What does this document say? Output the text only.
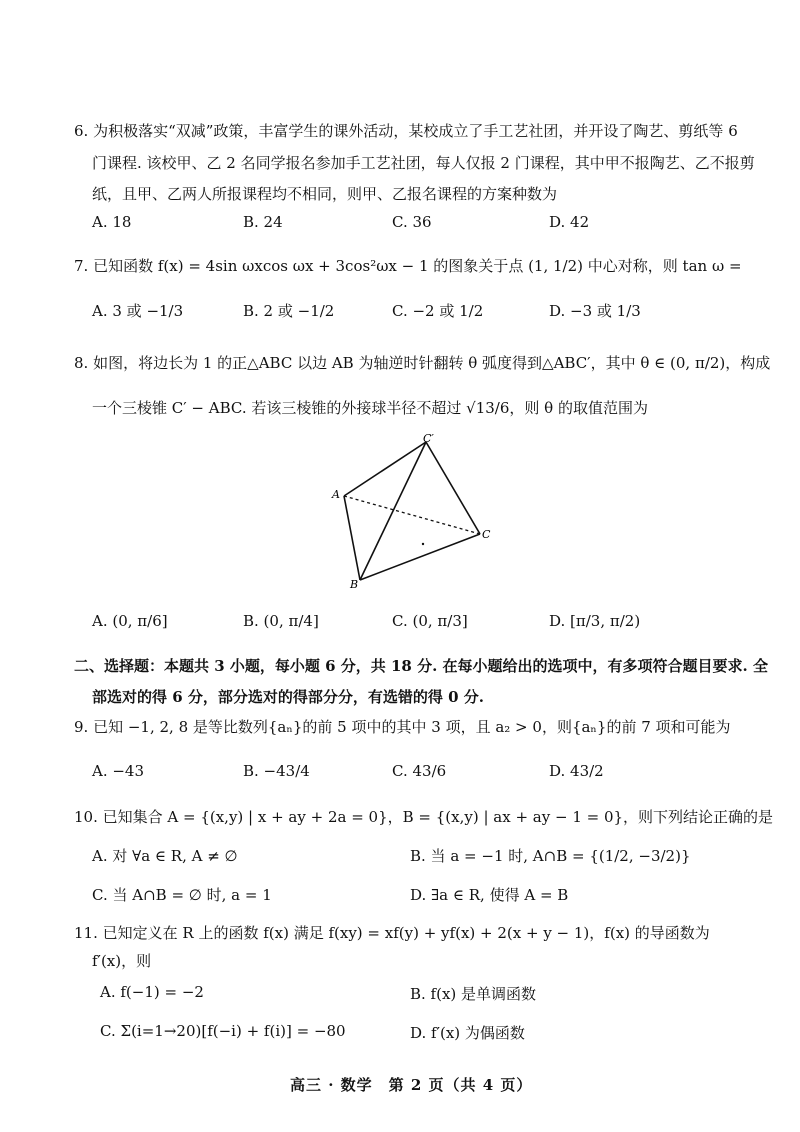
6. 为积极落实“双减”政策，丰富学生的课外活动，某校成立了手工艺社团，并开设了陶艺、剪纸等 6
门课程. 该校甲、乙 2 名同学报名参加手工艺社团，每人仅报 2 门课程，其中甲不报陶艺、乙不报剪
纸，且甲、乙两人所报课程均不相同，则甲、乙报名课程的方案种数为
A. 18	B. 24	C. 36	D. 42
7. 已知函数 f(x) = 4sin ωxcos ωx + 3cos²ωx − 1 的图象关于点 (1, 1/2) 中心对称，则 tan ω =
A. 3 或 −1/3	B. 2 或 −1/2	C. −2 或 1/2	D. −3 或 1/3
8. 如图，将边长为 1 的正△ABC 以边 AB 为轴逆时针翻转 θ 弧度得到△ABC′，其中 θ ∈ (0, π/2)，构成
一个三棱锥 C′ − ABC. 若该三棱锥的外接球半径不超过 √13/6，则 θ 的取值范围为
C′
A
C
B
A. (0, π/6]	B. (0, π/4]	C. (0, π/3]	D. [π/3, π/2)
二、选择题：本题共 3 小题，每小题 6 分，共 18 分. 在每小题给出的选项中，有多项符合题目要求. 全
部选对的得 6 分，部分选对的得部分分，有选错的得 0 分.
9. 已知 −1, 2, 8 是等比数列{aₙ}的前 5 项中的其中 3 项，且 a₂ > 0，则{aₙ}的前 7 项和可能为
A. −43	B. −43/4	C. 43/6	D. 43/2
10. 已知集合 A = {(x,y) | x + ay + 2a = 0}，B = {(x,y) | ax + ay − 1 = 0}，则下列结论正确的是
A. 对 ∀a ∈ R, A ≠ ∅	B. 当 a = −1 时, A∩B = {(1/2, −3/2)}
C. 当 A∩B = ∅ 时, a = 1	D. ∃a ∈ R, 使得 A = B
11. 已知定义在 R 上的函数 f(x) 满足 f(xy) = xf(y) + yf(x) + 2(x + y − 1)，f(x) 的导函数为
f′(x)，则
A. f(−1) = −2	B. f(x) 是单调函数
C. Σ(i=1→20)[f(−i) + f(i)] = −80	D. f′(x) 为偶函数
高三 · 数学　第 2 页（共 4 页）
